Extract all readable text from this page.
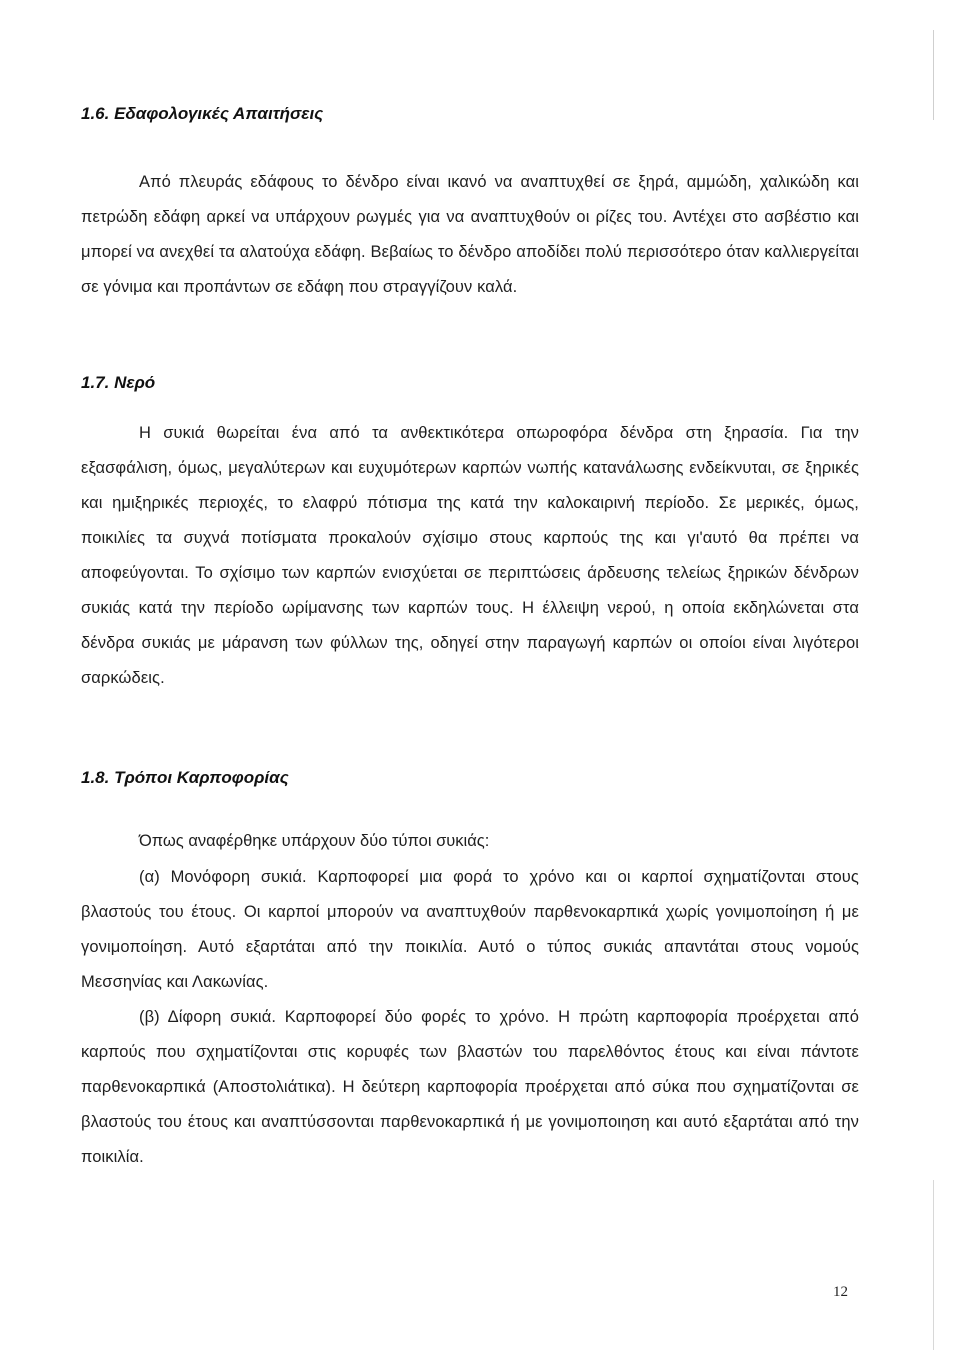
1.6. Εδαφολογικές Απαιτήσεις

Από πλευράς εδάφους το δένδρο είναι ικανό να αναπτυχθεί σε ξηρά, αμμώδη, χαλικώδη και πετρώδη εδάφη αρκεί να υπάρχουν ρωγμές για να αναπτυχθούν οι ρίζες του. Αντέχει στο ασβέστιο και μπορεί να ανεχθεί τα αλατούχα εδάφη. Βεβαίως το δένδρο αποδίδει πολύ περισσότερο όταν καλλιεργείται σε γόνιμα και προπάντων σε εδάφη που στραγγίζουν καλά.

1.7. Νερό

Η συκιά θωρείται ένα από τα ανθεκτικότερα οπωροφόρα δένδρα στη ξηρασία. Για την εξασφάλιση, όμως, μεγαλύτερων και ευχυμότερων καρπών νωπής κατανάλωσης ενδείκνυται, σε ξηρικές και ημιξηρικές περιοχές, το ελαφρύ πότισμα της κατά την καλοκαιρινή περίοδο. Σε μερικές, όμως, ποικιλίες τα συχνά ποτίσματα προκαλούν σχίσιμο στους καρπούς της και γι'αυτό θα πρέπει να αποφεύγονται. Το σχίσιμο των καρπών ενισχύεται σε περιπτώσεις άρδευσης τελείως ξηρικών δένδρων συκιάς κατά την περίοδο ωρίμανσης των καρπών τους. Η έλλειψη νερού, η οποία εκδηλώνεται στα δένδρα συκιάς με μάρανση των φύλλων της, οδηγεί στην παραγωγή καρπών οι οποίοι είναι λιγότεροι σαρκώδεις.

1.8. Τρόποι Καρποφορίας
Όπως αναφέρθηκε υπάρχουν δύο τύποι συκιάς:

(α) Μονόφορη συκιά. Καρποφορεί μια φορά το χρόνο και οι καρποί σχηματίζονται στους βλαστούς του έτους. Οι καρποί μπορούν να αναπτυχθούν παρθενοκαρπικά χωρίς γονιμοποίηση ή με γονιμοποίηση. Αυτό εξαρτάται από την ποικιλία. Αυτό ο τύπος συκιάς απαντάται στους νομούς Μεσσηνίας και Λακωνίας.

(β) Δίφορη συκιά. Καρποφορεί δύο φορές το χρόνο. Η πρώτη καρποφορία προέρχεται από καρπούς που σχηματίζονται στις κορυφές των βλαστών του παρελθόντος έτους και είναι πάντοτε παρθενοκαρπικά (Αποστολιάτικα). Η δεύτερη καρποφορία προέρχεται από σύκα που σχηματίζονται σε βλαστούς του έτους και αναπτύσσονται παρθενοκαρπικά ή με γονιμοποιηση και αυτό εξαρτάται από την ποικιλία.

12
